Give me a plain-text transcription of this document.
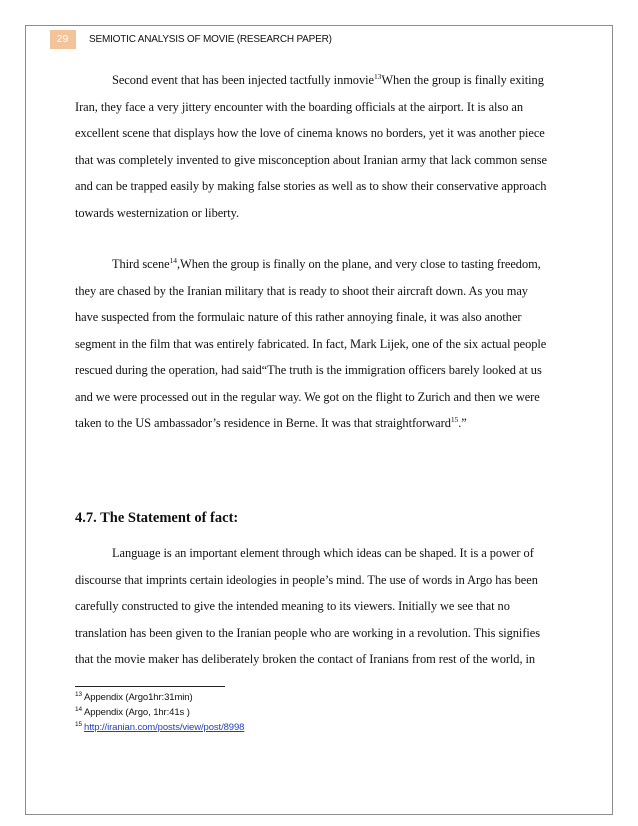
29	SEMIOTIC ANALYSIS OF MOVIE (RESEARCH PAPER)

Second event that has been injected tactfully inmovie$^{13}$When the group is finally exiting

Iran, they face a very jittery encounter with the boarding officials at the airport. It is also an

excellent scene that displays how the love of cinema knows no borders, yet it was another piece

that was completely invented to give misconception about Iranian army that lack common sense

and can be trapped easily by making false stories as well as to show their conservative approach

towards westernization or liberty.

Third scene$^{14}$,When the group is finally on the plane, and very close to tasting freedom,

they are chased by the Iranian military that is ready to shoot their aircraft down. As you may

have suspected from the formulaic nature of this rather annoying finale, it was also another

segment in the film that was entirely fabricated. In fact, Mark Lijek, one of the six actual people

rescued during the operation, had said“The truth is the immigration officers barely looked at us

and we were processed out in the regular way. We got on the flight to Zurich and then we were

taken to the US ambassador’s residence in Berne. It was that straightforward$^{15}$.”

4.7. The Statement of fact:

Language is an important element through which ideas can be shaped. It is a power of

discourse that imprints certain ideologies in people’s mind. The use of words in Argo has been

carefully constructed to give the intended meaning to its viewers. Initially we see that no

translation has been given to the Iranian people who are working in a revolution. This signifies

that the movie maker has deliberately broken the contact of Iranians from rest of the world, in

$^{13}$ Appendix (Argo1hr:31min)
$^{14}$ Appendix (Argo, 1hr:41s )
$^{15}$ http://iranian.com/posts/view/post/8998
